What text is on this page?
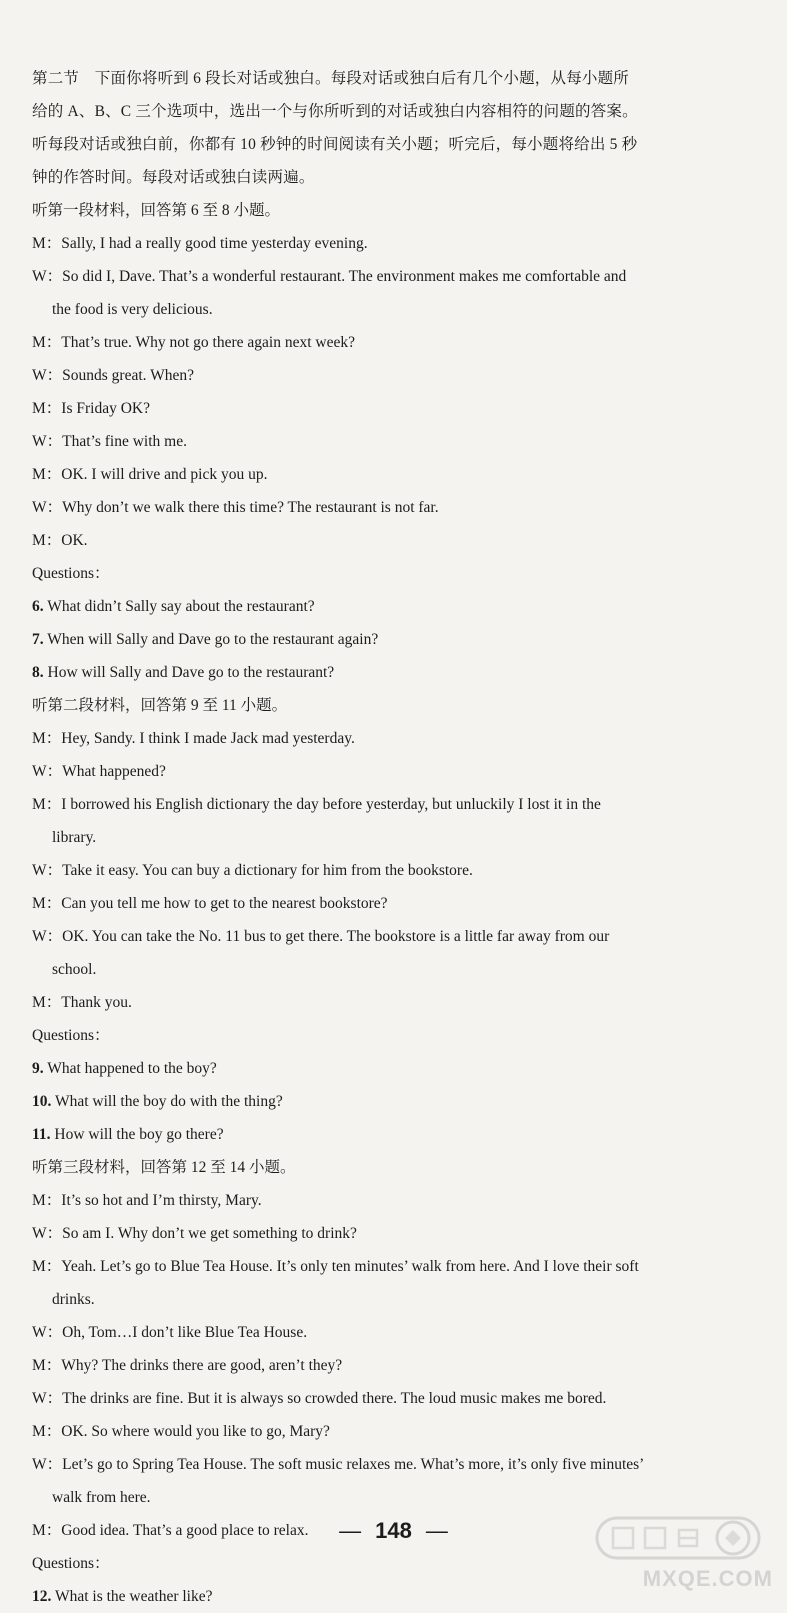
第二节　下面你将听到 6 段长对话或独白。每段对话或独白后有几个小题，从每小题所

给的 A、B、C 三个选项中，选出一个与你所听到的对话或独白内容相符的问题的答案。

听每段对话或独白前，你都有 10 秒钟的时间阅读有关小题；听完后，每小题将给出 5 秒

钟的作答时间。每段对话或独白读两遍。

听第一段材料，回答第 6 至 8 小题。

M：Sally, I had a really good time yesterday evening.

W：So did I, Dave. That’s a wonderful restaurant. The environment makes me comfortable and

the food is very delicious.

M：That’s true. Why not go there again next week?

W：Sounds great. When?

M：Is Friday OK?

W：That’s fine with me.

M：OK. I will drive and pick you up.

W：Why don’t we walk there this time? The restaurant is not far.

M：OK.

Questions：

6. What didn’t Sally say about the restaurant?

7. When will Sally and Dave go to the restaurant again?

8. How will Sally and Dave go to the restaurant?

听第二段材料，回答第 9 至 11 小题。

M：Hey, Sandy. I think I made Jack mad yesterday.

W：What happened?

M：I borrowed his English dictionary the day before yesterday, but unluckily I lost it in the

library.

W：Take it easy. You can buy a dictionary for him from the bookstore.

M：Can you tell me how to get to the nearest bookstore?

W：OK. You can take the No. 11 bus to get there. The bookstore is a little far away from our

school.

M：Thank you.

Questions：

9. What happened to the boy?

10. What will the boy do with the thing?

11. How will the boy go there?

听第三段材料，回答第 12 至 14 小题。

M：It’s so hot and I’m thirsty, Mary.

W：So am I. Why don’t we get something to drink?

M：Yeah. Let’s go to Blue Tea House. It’s only ten minutes’ walk from here. And I love their soft

drinks.

W：Oh, Tom…I don’t like Blue Tea House.

M：Why? The drinks there are good, aren’t they?

W：The drinks are fine. But it is always so crowded there. The loud music makes me bored.

M：OK. So where would you like to go, Mary?

W：Let’s go to Spring Tea House. The soft music relaxes me. What’s more, it’s only five minutes’

walk from here.

M：Good idea. That’s a good place to relax.

Questions：

12. What is the weather like?

— 148 —
MXQE.COM
